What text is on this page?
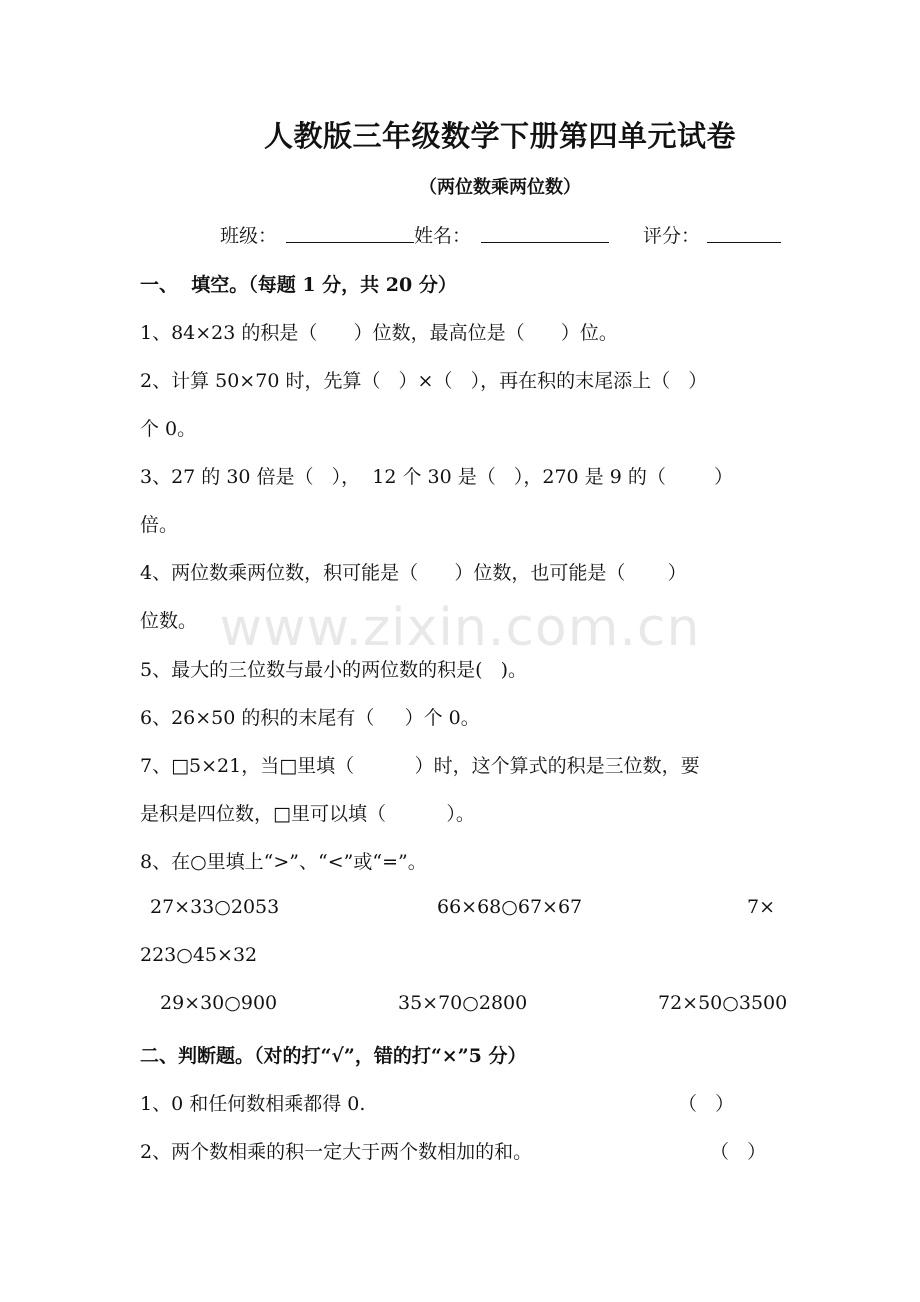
人教版三年级数学下册第四单元试卷
（两位数乘两位数）
班级：	姓名：	评分：
一、  填空。（每题 1 分，共 20 分）
1、84×23 的积是（      ）位数，最高位是（      ）位。
2、计算 50×70 时，先算（   ）×（   ），再在积的末尾添上（   ）
个 0。
3、27 的 30 倍是（   ），  12 个 30 是（   ），270 是 9 的（        ）
倍。
4、两位数乘两位数，积可能是（      ）位数，也可能是（       ）
位数。
5、最大的三位数与最小的两位数的积是(   )。
6、26×50 的积的末尾有（     ）个 0。
7、□5×21，当□里填（          ）时，这个算式的积是三位数，要
是积是四位数，□里可以填（          ）。
8、在○里填上“>”、“<”或“=”。
27×33○2053	66×68○67×67	7×
223○45×32
29×30○900	35×70○2800	72×50○3500
二、判断题。（对的打“√”，错的打“×”5 分）
1、0 和任何数相乘都得 0.	（   ）
2、两个数相乘的积一定大于两个数相加的和。	（   ）
www.zixin.com.cn
